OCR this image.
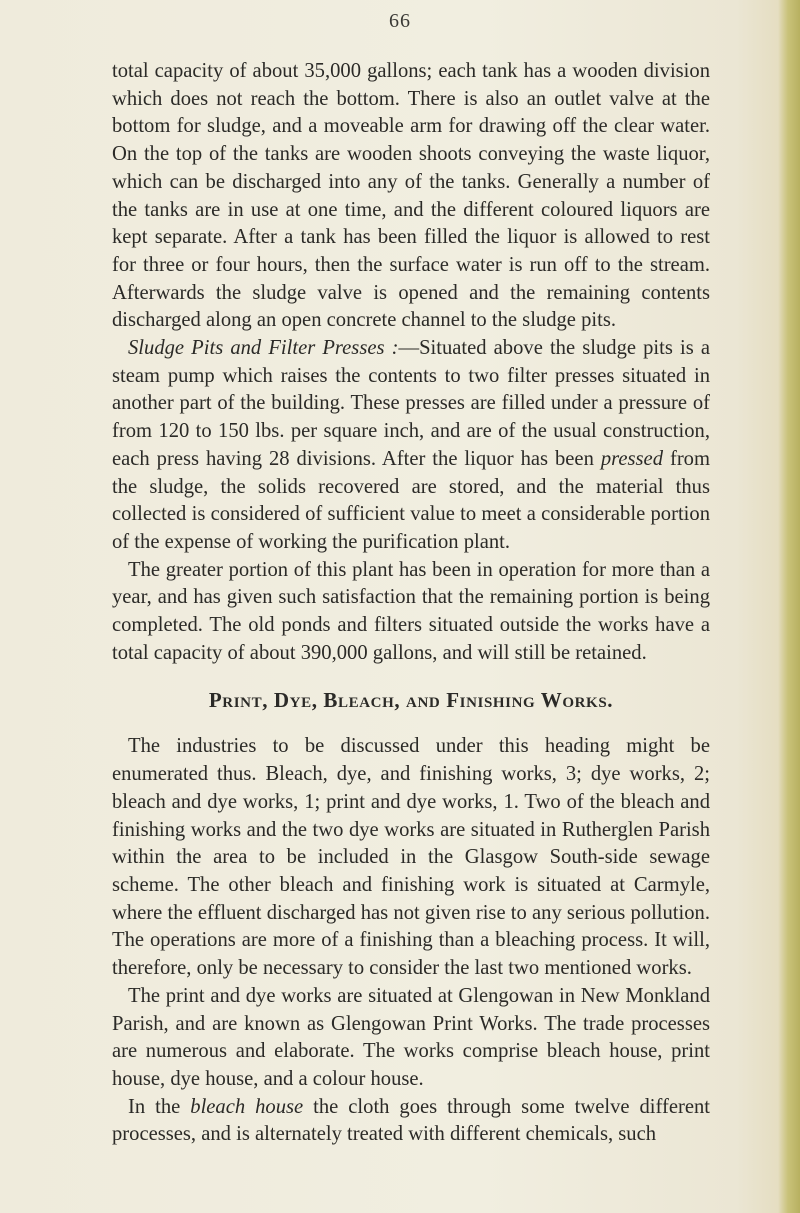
66

total capacity of about 35,000 gallons; each tank has a wooden division which does not reach the bottom. There is also an outlet valve at the bottom for sludge, and a moveable arm for drawing off the clear water. On the top of the tanks are wooden shoots conveying the waste liquor, which can be discharged into any of the tanks. Generally a number of the tanks are in use at one time, and the different coloured liquors are kept separate. After a tank has been filled the liquor is allowed to rest for three or four hours, then the surface water is run off to the stream. Afterwards the sludge valve is opened and the remaining contents discharged along an open concrete channel to the sludge pits.

Sludge Pits and Filter Presses :—Situated above the sludge pits is a steam pump which raises the contents to two filter presses situated in another part of the building. These presses are filled under a pressure of from 120 to 150 lbs. per square inch, and are of the usual construction, each press having 28 divisions. After the liquor has been pressed from the sludge, the solids recovered are stored, and the material thus collected is considered of sufficient value to meet a considerable portion of the expense of working the purification plant.

The greater portion of this plant has been in operation for more than a year, and has given such satisfaction that the remaining portion is being completed. The old ponds and filters situated outside the works have a total capacity of about 390,000 gallons, and will still be retained.

Print, Dye, Bleach, and Finishing Works.

The industries to be discussed under this heading might be enumerated thus. Bleach, dye, and finishing works, 3; dye works, 2; bleach and dye works, 1; print and dye works, 1. Two of the bleach and finishing works and the two dye works are situated in Rutherglen Parish within the area to be included in the Glasgow South-side sewage scheme. The other bleach and finishing work is situated at Carmyle, where the effluent discharged has not given rise to any serious pollution. The operations are more of a finishing than a bleaching process. It will, therefore, only be necessary to consider the last two mentioned works.

The print and dye works are situated at Glengowan in New Monkland Parish, and are known as Glengowan Print Works. The trade processes are numerous and elaborate. The works comprise bleach house, print house, dye house, and a colour house.

In the bleach house the cloth goes through some twelve different processes, and is alternately treated with different chemicals, such
